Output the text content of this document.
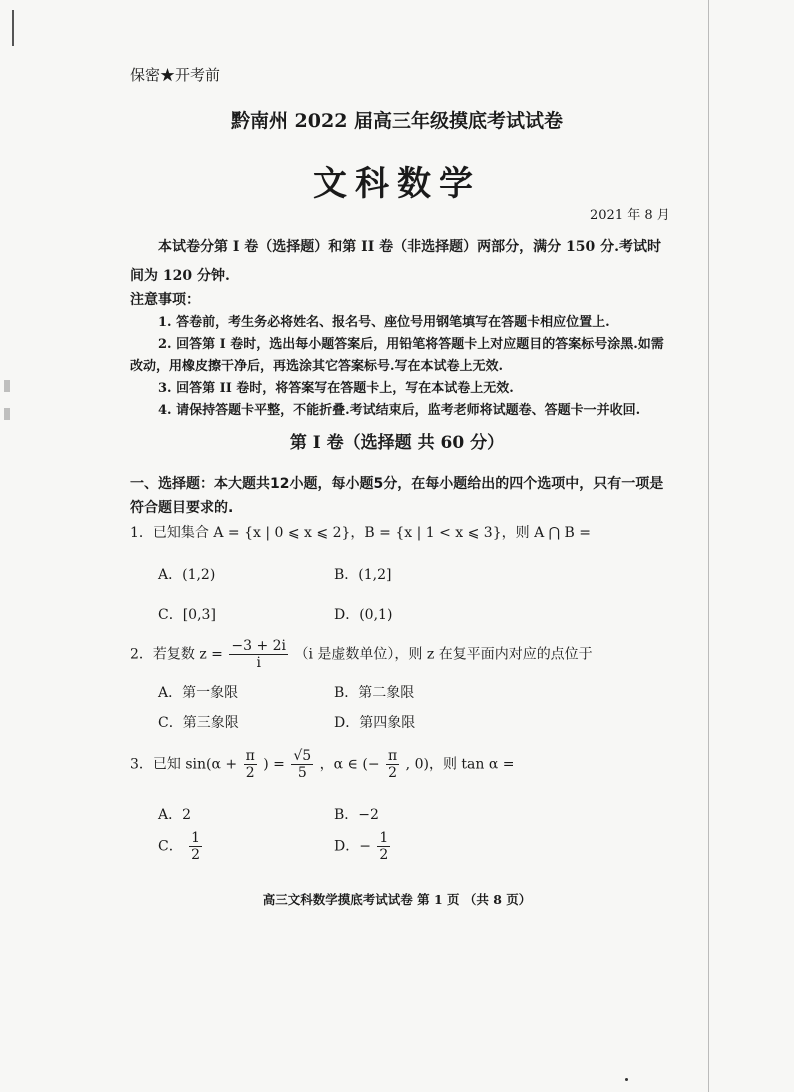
保密★开考前
黔南州 2022 届高三年级摸底考试试卷
文科数学
2021 年 8 月
本试卷分第 I 卷（选择题）和第 II 卷（非选择题）两部分，满分 150 分.考试时间为 120 分钟.
注意事项：

1. 答卷前，考生务必将姓名、报名号、座位号用钢笔填写在答题卡相应位置上.

2. 回答第 I 卷时，选出每小题答案后，用铅笔将答题卡上对应题目的答案标号涂黑.如需改动，用橡皮擦干净后，再选涂其它答案标号.写在本试卷上无效.

3. 回答第 II 卷时，将答案写在答题卡上，写在本试卷上无效.

4. 请保持答题卡平整，不能折叠.考试结束后，监考老师将试题卷、答题卡一并收回.

第 I 卷（选择题 共 60 分）
一、选择题：本大题共12小题，每小题5分，在每小题给出的四个选项中，只有一项是符合题目要求的.
1．已知集合 A = {x | 0 ⩽ x ⩽ 2}，B = {x | 1 < x ⩽ 3}，则 A ⋂ B =
A．(1,2)	B．(1,2]
C．[0,3]	D．(0,1)
2．若复数 $z = \frac{-3 + 2i}{i} (i$ 是虚数单位），则 z 在复平面内对应的点位于
A．第一象限	B．第二象限
C．第三象限	D．第四象限
3．已知 $\sin(\alpha + \frac{\pi}{2}$ ) = $\frac{√5}{5}$ ，α ∈ (− $\frac{\pi}{2}$ , 0)，则 tan α =
A．2	B．−2
C． $\frac{1}{2}$	D．− $\frac{1}{2}$
高三文科数学摸底考试试卷 第 1 页 （共 8 页）
